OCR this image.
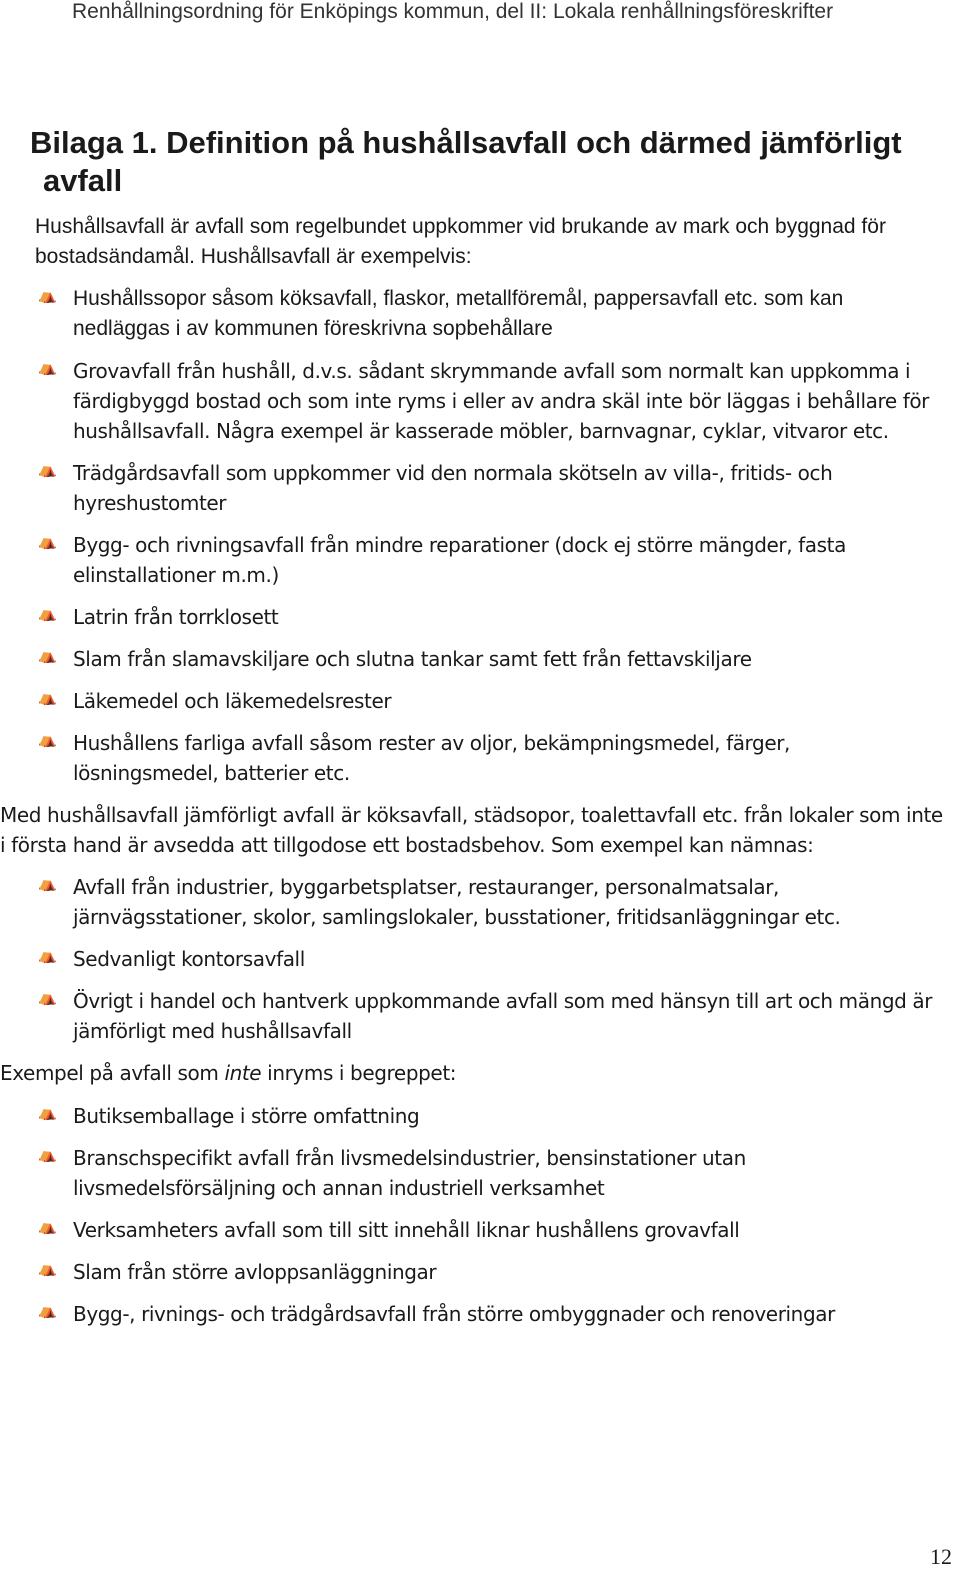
Renhållningsordning för Enköpings kommun, del II: Lokala renhållningsföreskrifter
Bilaga 1. Definition på hushållsavfall och därmed jämförligt
avfall

Hushållsavfall är avfall som regelbundet uppkommer vid brukande av mark och byggnad för bostadsändamål. Hushållsavfall är exempelvis:

⛺ Hushållssopor såsom köksavfall, flaskor, metallföremål, pappersavfall etc. som kan nedläggas i av kommunen föreskrivna sopbehållare
⛺ Grovavfall från hushåll, d.v.s. sådant skrymmande avfall som normalt kan uppkomma i färdigbyggd bostad och som inte ryms i eller av andra skäl inte bör läggas i behållare för hushållsavfall. Några exempel är kasserade möbler, barnvagnar, cyklar, vitvaror etc.
⛺ Trädgårdsavfall som uppkommer vid den normala skötseln av villa-, fritids- och hyreshustomter
⛺ Bygg- och rivningsavfall från mindre reparationer (dock ej större mängder, fasta elinstallationer m.m.)
⛺ Latrin från torrklosett
⛺ Slam från slamavskiljare och slutna tankar samt fett från fettavskiljare
⛺ Läkemedel och läkemedelsrester
⛺ Hushållens farliga avfall såsom rester av oljor, bekämpningsmedel, färger, lösningsmedel, batterier etc.

Med hushållsavfall jämförligt avfall är köksavfall, städsopor, toalettavfall etc. från lokaler som inte i första hand är avsedda att tillgodose ett bostadsbehov. Som exempel kan nämnas:

⛺ Avfall från industrier, byggarbetsplatser, restauranger, personalmatsalar, järnvägsstationer, skolor, samlingslokaler, busstationer, fritidsanläggningar etc.
⛺ Sedvanligt kontorsavfall
⛺ Övrigt i handel och hantverk uppkommande avfall som med hänsyn till art och mängd är jämförligt med hushållsavfall

Exempel på avfall som inte inryms i begreppet:

⛺ Butiksemballage i större omfattning
⛺ Branschspecifikt avfall från livsmedelsindustrier, bensinstationer utan livsmedelsförsäljning och annan industriell verksamhet
⛺ Verksamheters avfall som till sitt innehåll liknar hushållens grovavfall
⛺ Slam från större avloppsanläggningar
⛺ Bygg-, rivnings- och trädgårdsavfall från större ombyggnader och renoveringar
12
